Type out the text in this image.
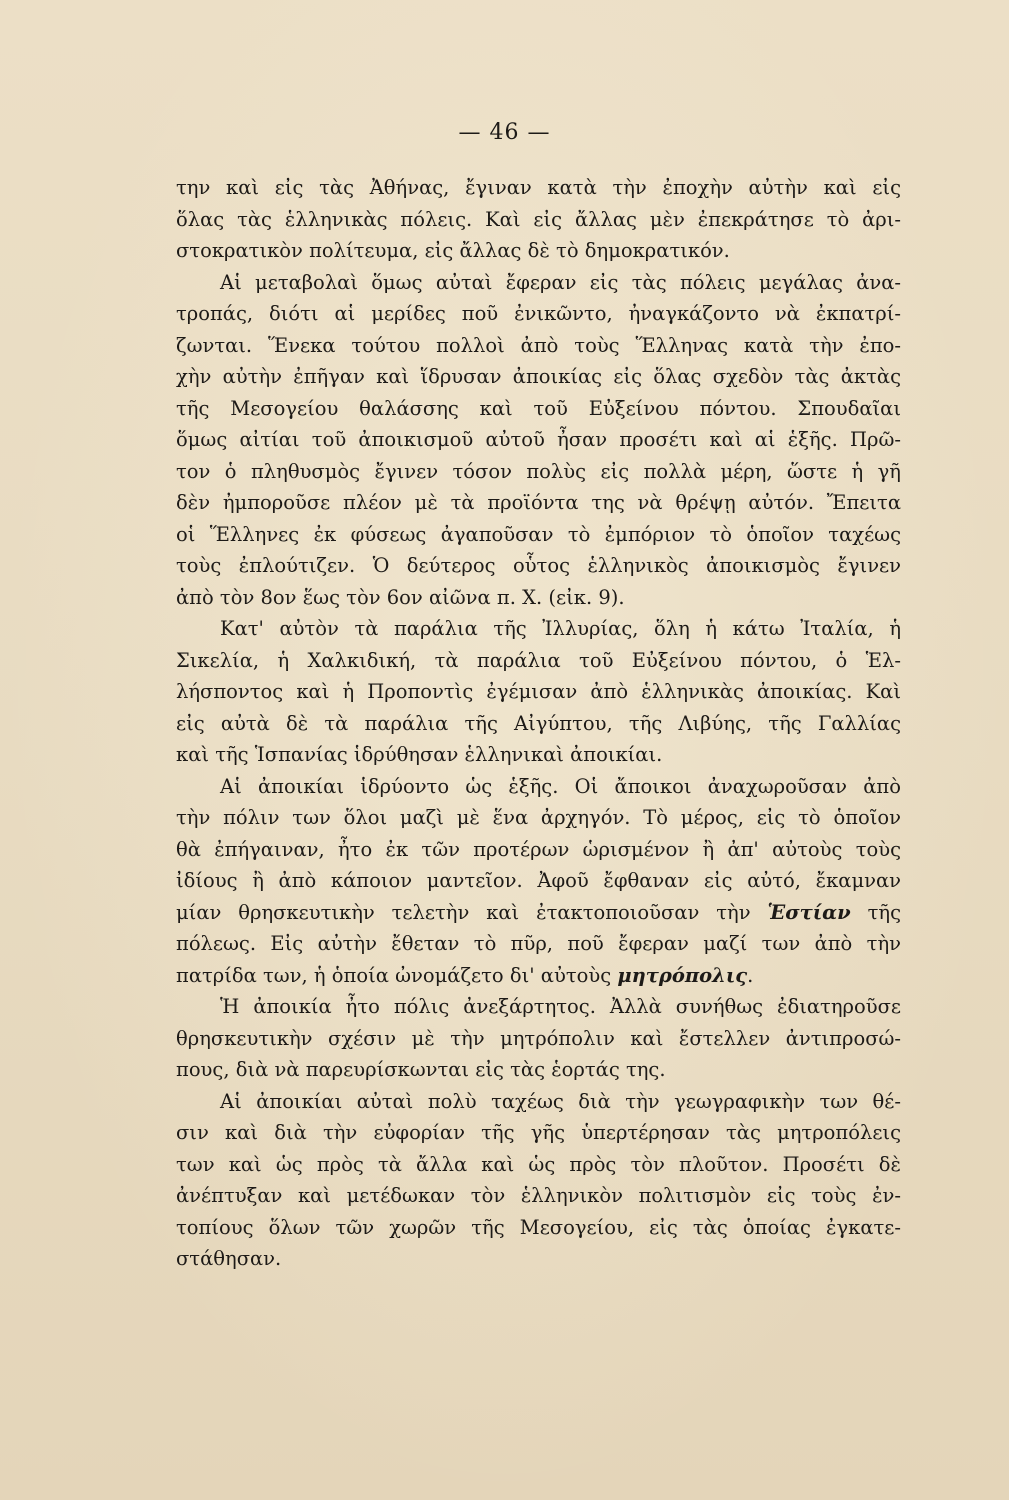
— 46 —
την καὶ εἰς τὰς Ἀθήνας, ἔγιναν κατὰ τὴν ἐποχὴν αὐτὴν καὶ εἰς
ὅλας τὰς ἑλληνικὰς πόλεις. Καὶ εἰς ἄλλας μὲν ἐπεκράτησε τὸ ἀρι-
στοκρατικὸν πολίτευμα, εἰς ἄλλας δὲ τὸ δημοκρατικόν.
Αἱ μεταβολαὶ ὅμως αὐταὶ ἔφεραν εἰς τὰς πόλεις μεγάλας ἀνα-
τροπάς, διότι αἱ μερίδες ποῦ ἐνικῶντο, ἠναγκάζοντο νὰ ἐκπατρί-
ζωνται. Ἕνεκα τούτου πολλοὶ ἀπὸ τοὺς Ἕλληνας κατὰ τὴν ἐπο-
χὴν αὐτὴν ἐπῆγαν καὶ ἵδρυσαν ἀποικίας εἰς ὅλας σχεδὸν τὰς ἀκτὰς
τῆς Μεσογείου θαλάσσης καὶ τοῦ Εὐξείνου πόντου. Σπουδαῖαι
ὅμως αἰτίαι τοῦ ἀποικισμοῦ αὐτοῦ ἦσαν προσέτι καὶ αἱ ἑξῆς. Πρῶ-
τον ὁ πληθυσμὸς ἔγινεν τόσον πολὺς εἰς πολλὰ μέρη, ὥστε ἡ γῆ
δὲν ἠμποροῦσε πλέον μὲ τὰ προϊόντα της νὰ θρέψῃ αὐτόν. Ἔπειτα
οἱ Ἕλληνες ἐκ φύσεως ἀγαποῦσαν τὸ ἐμπόριον τὸ ὁποῖον ταχέως
τοὺς ἐπλούτιζεν. Ὁ δεύτερος οὗτος ἑλληνικὸς ἀποικισμὸς ἔγινεν
ἀπὸ τὸν 8ον ἕως τὸν 6ον αἰῶνα π. Χ. (εἰκ. 9).
Κατ' αὐτὸν τὰ παράλια τῆς Ἰλλυρίας, ὅλη ἡ κάτω Ἰταλία, ἡ
Σικελία, ἡ Χαλκιδική, τὰ παράλια τοῦ Εὐξείνου πόντου, ὁ Ἑλ-
λήσποντος καὶ ἡ Προποντὶς ἐγέμισαν ἀπὸ ἑλληνικὰς ἀποικίας. Καὶ
εἰς αὐτὰ δὲ τὰ παράλια τῆς Αἰγύπτου, τῆς Λιβύης, τῆς Γαλλίας
καὶ τῆς Ἱσπανίας ἱδρύθησαν ἑλληνικαὶ ἀποικίαι.
Αἱ ἀποικίαι ἱδρύοντο ὡς ἑξῆς. Οἱ ἄποικοι ἀναχωροῦσαν ἀπὸ
τὴν πόλιν των ὅλοι μαζὶ μὲ ἕνα ἀρχηγόν. Τὸ μέρος, εἰς τὸ ὁποῖον
θὰ ἐπήγαιναν, ἦτο ἐκ τῶν προτέρων ὡρισμένον ἢ ἀπ' αὐτοὺς τοὺς
ἰδίους ἢ ἀπὸ κάποιον μαντεῖον. Ἀφοῦ ἔφθαναν εἰς αὐτό, ἔκαμναν
μίαν θρησκευτικὴν τελετὴν καὶ ἐτακτοποιοῦσαν τὴν Ἑστίαν τῆς
πόλεως. Εἰς αὐτὴν ἔθεταν τὸ πῦρ, ποῦ ἔφεραν μαζί των ἀπὸ τὴν
πατρίδα των, ἡ ὁποία ὠνομάζετο δι' αὐτοὺς μητρόπολις.
Ἡ ἀποικία ἦτο πόλις ἀνεξάρτητος. Ἀλλὰ συνήθως ἐδιατηροῦσε
θρησκευτικὴν σχέσιν μὲ τὴν μητρόπολιν καὶ ἔστελλεν ἀντιπροσώ-
πους, διὰ νὰ παρευρίσκωνται εἰς τὰς ἑορτάς της.
Αἱ ἀποικίαι αὐταὶ πολὺ ταχέως διὰ τὴν γεωγραφικὴν των θέ-
σιν καὶ διὰ τὴν εὐφορίαν τῆς γῆς ὑπερτέρησαν τὰς μητροπόλεις
των καὶ ὡς πρὸς τὰ ἄλλα καὶ ὡς πρὸς τὸν πλοῦτον. Προσέτι δὲ
ἀνέπτυξαν καὶ μετέδωκαν τὸν ἑλληνικὸν πολιτισμὸν εἰς τοὺς ἐν-
τοπίους ὅλων τῶν χωρῶν τῆς Μεσογείου, εἰς τὰς ὁποίας ἐγκατε-
στάθησαν.
